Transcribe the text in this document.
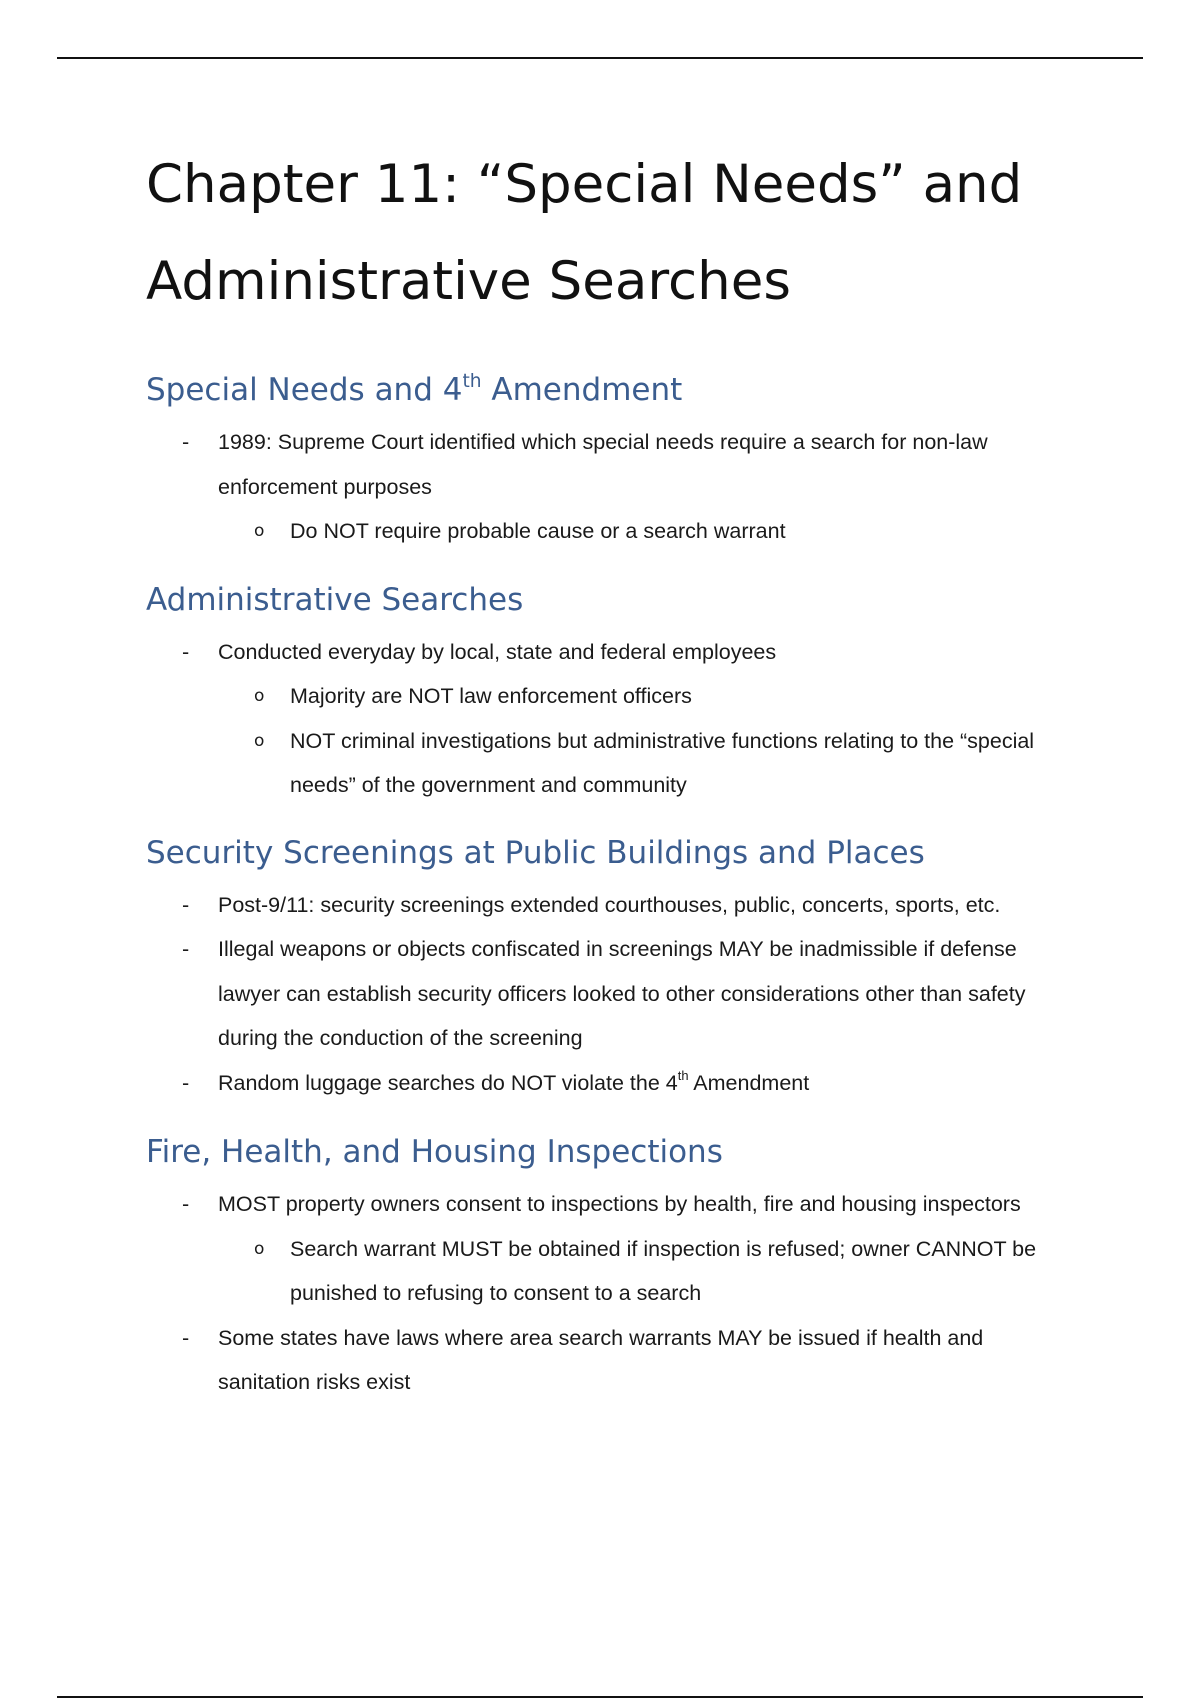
Chapter 11: “Special Needs” and
Administrative Searches
Special Needs and 4th Amendment
- 1989: Supreme Court identified which special needs require a search for non-law enforcement purposes
o Do NOT require probable cause or a search warrant
Administrative Searches
- Conducted everyday by local, state and federal employees
o Majority are NOT law enforcement officers
o NOT criminal investigations but administrative functions relating to the “special needs” of the government and community
Security Screenings at Public Buildings and Places
- Post-9/11: security screenings extended courthouses, public, concerts, sports, etc.
- Illegal weapons or objects confiscated in screenings MAY be inadmissible if defense lawyer can establish security officers looked to other considerations other than safety during the conduction of the screening
- Random luggage searches do NOT violate the 4th Amendment
Fire, Health, and Housing Inspections
- MOST property owners consent to inspections by health, fire and housing inspectors
o Search warrant MUST be obtained if inspection is refused; owner CANNOT be punished to refusing to consent to a search
- Some states have laws where area search warrants MAY be issued if health and sanitation risks exist
